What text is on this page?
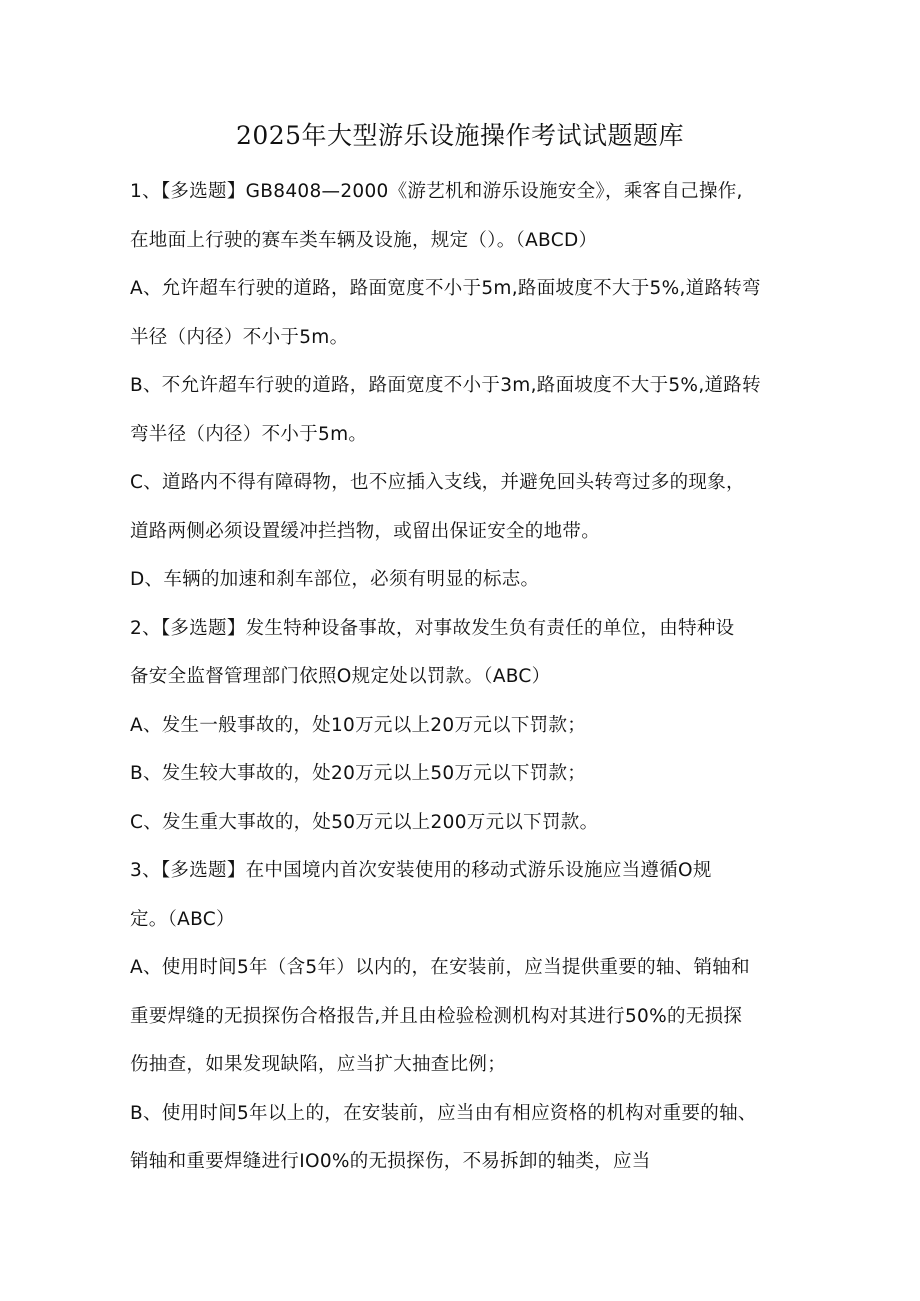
2025年大型游乐设施操作考试试题题库
1、【多选题】GB8408—2000《游艺机和游乐设施安全》，乘客自己操作,
在地面上行驶的赛车类车辆及设施，规定（）。（ABCD）
A、允许超车行驶的道路，路面宽度不小于5m,路面坡度不大于5%,道路转弯
半径（内径）不小于5m。
B、不允许超车行驶的道路，路面宽度不小于3m,路面坡度不大于5%,道路转
弯半径（内径）不小于5m。
C、道路内不得有障碍物，也不应插入支线，并避免回头转弯过多的现象，
道路两侧必须设置缓冲拦挡物，或留出保证安全的地带。
D、车辆的加速和刹车部位，必须有明显的标志。
2、【多选题】发生特种设备事故，对事故发生负有责任的单位，由特种设
备安全监督管理部门依照O规定处以罚款。（ABC）
A、发生一般事故的，处10万元以上20万元以下罚款；
B、发生较大事故的，处20万元以上50万元以下罚款；
C、发生重大事故的，处50万元以上200万元以下罚款。
3、【多选题】在中国境内首次安装使用的移动式游乐设施应当遵循O规
定。（ABC）
A、使用时间5年（含5年）以内的，在安装前，应当提供重要的轴、销轴和
重要焊缝的无损探伤合格报告,并且由检验检测机构对其进行50%的无损探
伤抽查，如果发现缺陷，应当扩大抽查比例；
B、使用时间5年以上的，在安装前，应当由有相应资格的机构对重要的轴、
销轴和重要焊缝进行IO0%的无损探伤，不易拆卸的轴类，应当
